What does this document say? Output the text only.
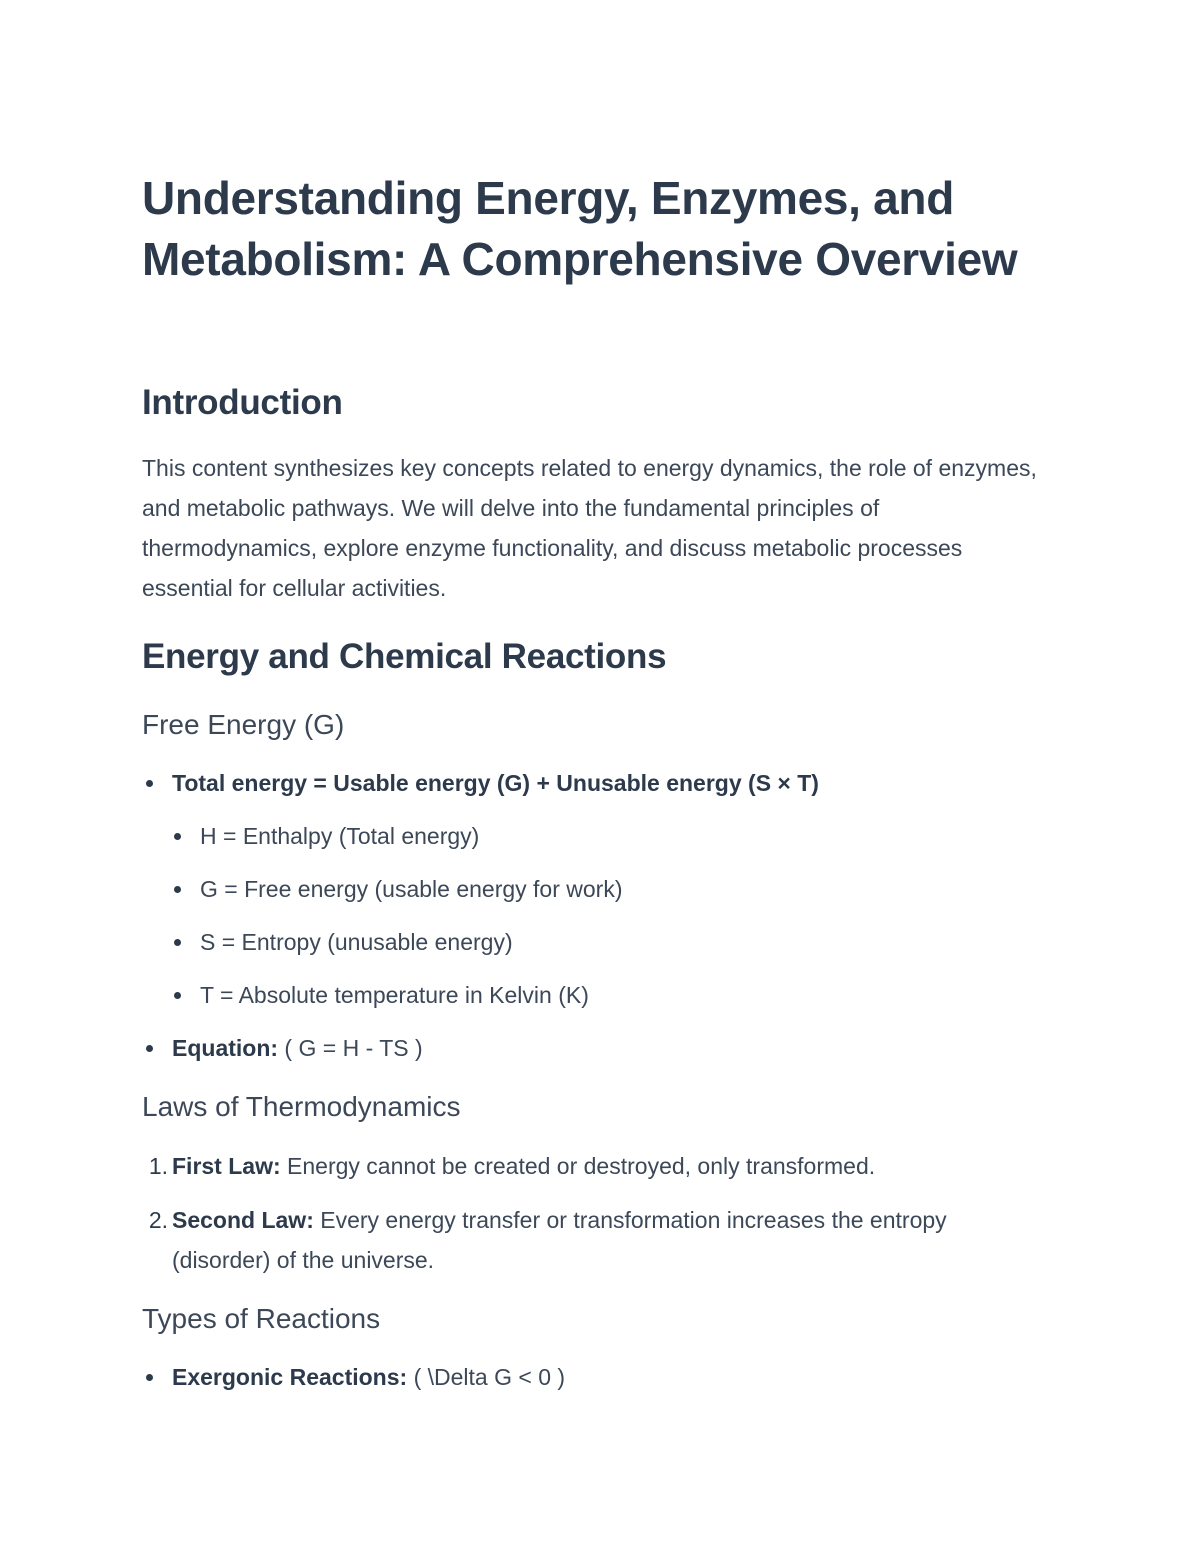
Understanding Energy, Enzymes, and Metabolism: A Comprehensive Overview
Introduction

This content synthesizes key concepts related to energy dynamics, the role of enzymes, and metabolic pathways. We will delve into the fundamental principles of thermodynamics, explore enzyme functionality, and discuss metabolic processes essential for cellular activities.

Energy and Chemical Reactions
Free Energy (G)
Total energy = Usable energy (G) + Unusable energy (S × T)
H = Enthalpy (Total energy)
G = Free energy (usable energy for work)
S = Entropy (unusable energy)
T = Absolute temperature in Kelvin (K)
Equation: ( G = H - TS )
Laws of Thermodynamics
1. First Law: Energy cannot be created or destroyed, only transformed.
2. Second Law: Every energy transfer or transformation increases the entropy (disorder) of the universe.
Types of Reactions
Exergonic Reactions: ( \Delta G < 0 )
